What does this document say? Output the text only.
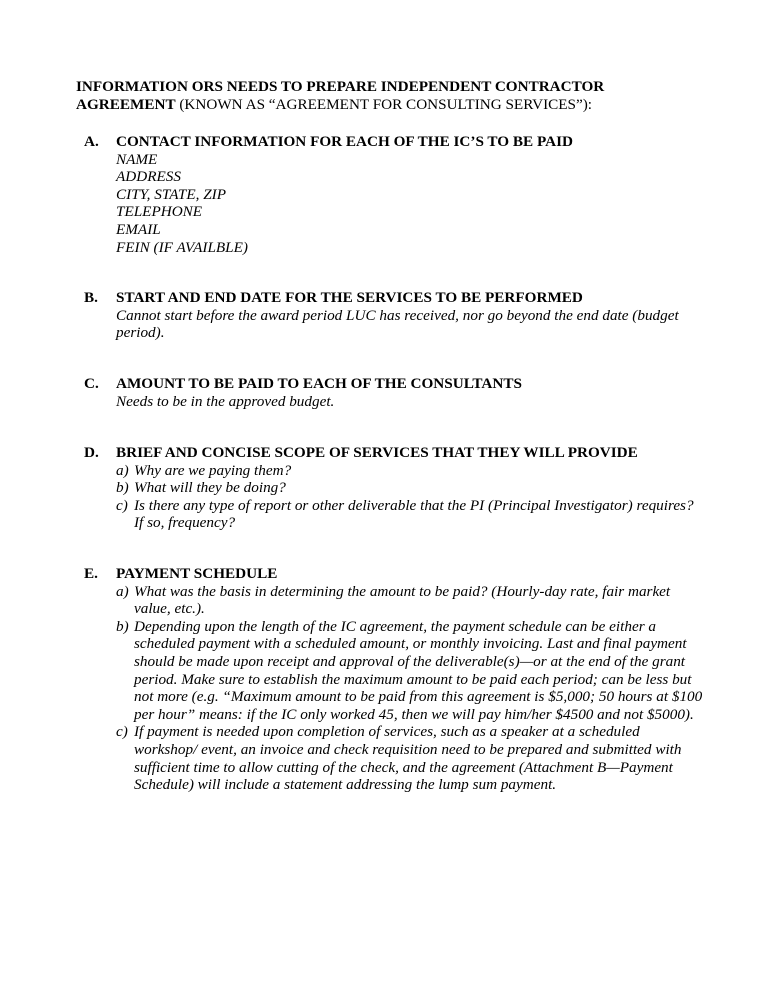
INFORMATION ORS NEEDS TO PREPARE INDEPENDENT CONTRACTOR AGREEMENT (KNOWN AS “AGREEMENT FOR CONSULTING SERVICES”):
A.	CONTACT INFORMATION FOR EACH OF THE IC’S TO BE PAID
NAME
ADDRESS
CITY, STATE, ZIP
TELEPHONE
EMAIL
FEIN (IF AVAILBLE)
B.	START AND END DATE FOR THE SERVICES TO BE PERFORMED
Cannot start before the award period LUC has received, nor go beyond the end date (budget period).
C.	AMOUNT TO BE PAID TO EACH OF THE CONSULTANTS
Needs to be in the approved budget.
D.	BRIEF AND CONCISE SCOPE OF SERVICES THAT THEY WILL PROVIDE
a) Why are we paying them?
b) What will they be doing?
c) Is there any type of report or other deliverable that the PI (Principal Investigator) requires? If so, frequency?
E.	PAYMENT SCHEDULE
a) What was the basis in determining the amount to be paid? (Hourly-day rate, fair market value, etc.).
b) Depending upon the length of the IC agreement, the payment schedule can be either a scheduled payment with a scheduled amount, or monthly invoicing. Last and final payment should be made upon receipt and approval of the deliverable(s)—or at the end of the grant period. Make sure to establish the maximum amount to be paid each period; can be less but not more (e.g. “Maximum amount to be paid from this agreement is $5,000; 50 hours at $100 per hour” means: if the IC only worked 45, then we will pay him/her $4500 and not $5000).
c) If payment is needed upon completion of services, such as a speaker at a scheduled workshop/ event, an invoice and check requisition need to be prepared and submitted with sufficient time to allow cutting of the check, and the agreement (Attachment B—Payment Schedule) will include a statement addressing the lump sum payment.
